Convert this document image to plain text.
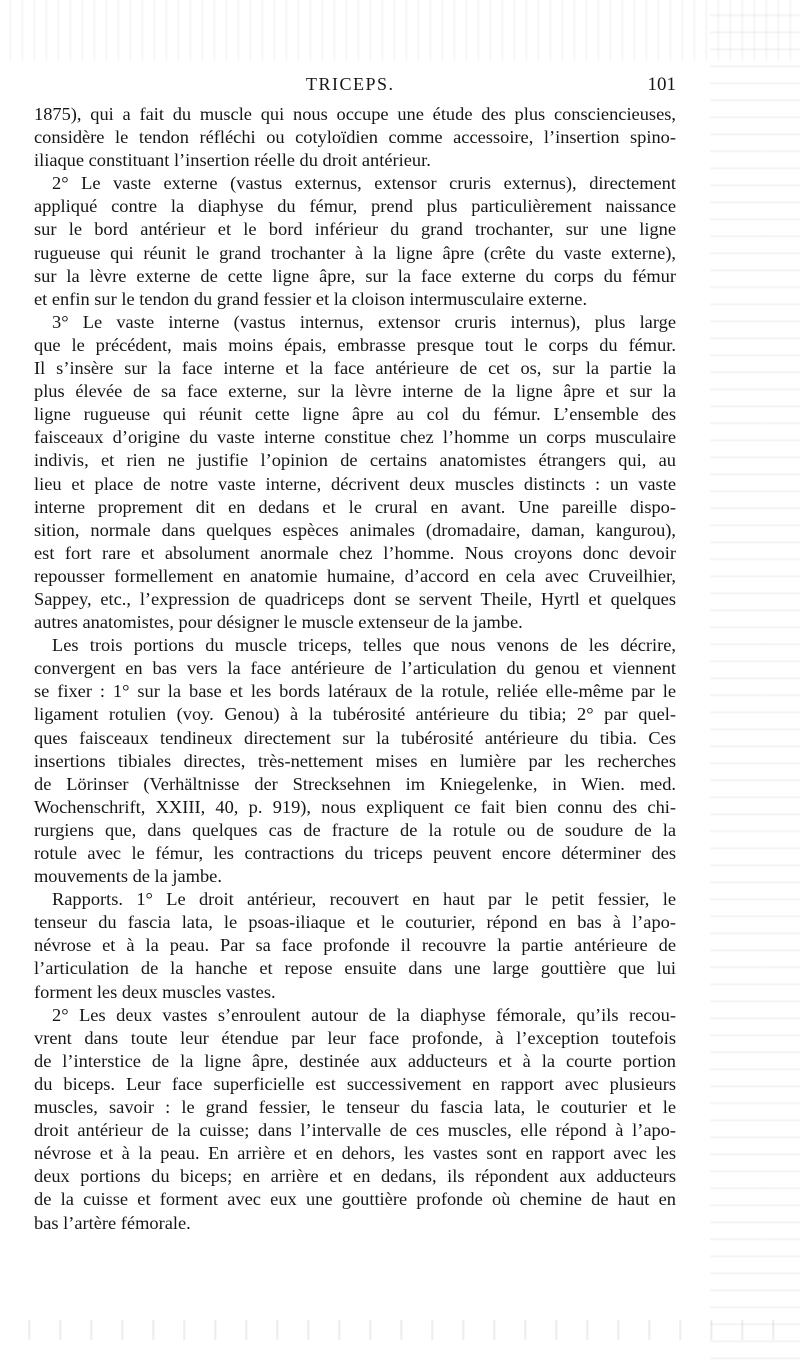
TRICEPS.	101
1875), qui a fait du muscle qui nous occupe une étude des plus consciencieuses,
considère le tendon réfléchi ou cotyloïdien comme accessoire, l’insertion spino-
iliaque constituant l’insertion réelle du droit antérieur.
2° Le vaste externe (vastus externus, extensor cruris externus), directement
appliqué contre la diaphyse du fémur, prend plus particulièrement naissance
sur le bord antérieur et le bord inférieur du grand trochanter, sur une ligne
rugueuse qui réunit le grand trochanter à la ligne âpre (crête du vaste externe),
sur la lèvre externe de cette ligne âpre, sur la face externe du corps du fémur
et enfin sur le tendon du grand fessier et la cloison intermusculaire externe.
3° Le vaste interne (vastus internus, extensor cruris internus), plus large
que le précédent, mais moins épais, embrasse presque tout le corps du fémur.
Il s’insère sur la face interne et la face antérieure de cet os, sur la partie la
plus élevée de sa face externe, sur la lèvre interne de la ligne âpre et sur la
ligne rugueuse qui réunit cette ligne âpre au col du fémur. L’ensemble des
faisceaux d’origine du vaste interne constitue chez l’homme un corps musculaire
indivis, et rien ne justifie l’opinion de certains anatomistes étrangers qui, au
lieu et place de notre vaste interne, décrivent deux muscles distincts : un vaste
interne proprement dit en dedans et le crural en avant. Une pareille dispo-
sition, normale dans quelques espèces animales (dromadaire, daman, kangurou),
est fort rare et absolument anormale chez l’homme. Nous croyons donc devoir
repousser formellement en anatomie humaine, d’accord en cela avec Cruveilhier,
Sappey, etc., l’expression de quadriceps dont se servent Theile, Hyrtl et quelques
autres anatomistes, pour désigner le muscle extenseur de la jambe.
Les trois portions du muscle triceps, telles que nous venons de les décrire,
convergent en bas vers la face antérieure de l’articulation du genou et viennent
se fixer : 1° sur la base et les bords latéraux de la rotule, reliée elle-même par le
ligament rotulien (voy. Genou) à la tubérosité antérieure du tibia; 2° par quel-
ques faisceaux tendineux directement sur la tubérosité antérieure du tibia. Ces
insertions tibiales directes, très-nettement mises en lumière par les recherches
de Lörinser (Verhältnisse der Strecksehnen im Kniegelenke, in Wien. med.
Wochenschrift, XXIII, 40, p. 919), nous expliquent ce fait bien connu des chi-
rurgiens que, dans quelques cas de fracture de la rotule ou de soudure de la
rotule avec le fémur, les contractions du triceps peuvent encore déterminer des
mouvements de la jambe.
Rapports. 1° Le droit antérieur, recouvert en haut par le petit fessier, le
tenseur du fascia lata, le psoas-iliaque et le couturier, répond en bas à l’apo-
névrose et à la peau. Par sa face profonde il recouvre la partie antérieure de
l’articulation de la hanche et repose ensuite dans une large gouttière que lui
forment les deux muscles vastes.
2° Les deux vastes s’enroulent autour de la diaphyse fémorale, qu’ils recou-
vrent dans toute leur étendue par leur face profonde, à l’exception toutefois
de l’interstice de la ligne âpre, destinée aux adducteurs et à la courte portion
du biceps. Leur face superficielle est successivement en rapport avec plusieurs
muscles, savoir : le grand fessier, le tenseur du fascia lata, le couturier et le
droit antérieur de la cuisse; dans l’intervalle de ces muscles, elle répond à l’apo-
névrose et à la peau. En arrière et en dehors, les vastes sont en rapport avec les
deux portions du biceps; en arrière et en dedans, ils répondent aux adducteurs
de la cuisse et forment avec eux une gouttière profonde où chemine de haut en
bas l’artère fémorale.
